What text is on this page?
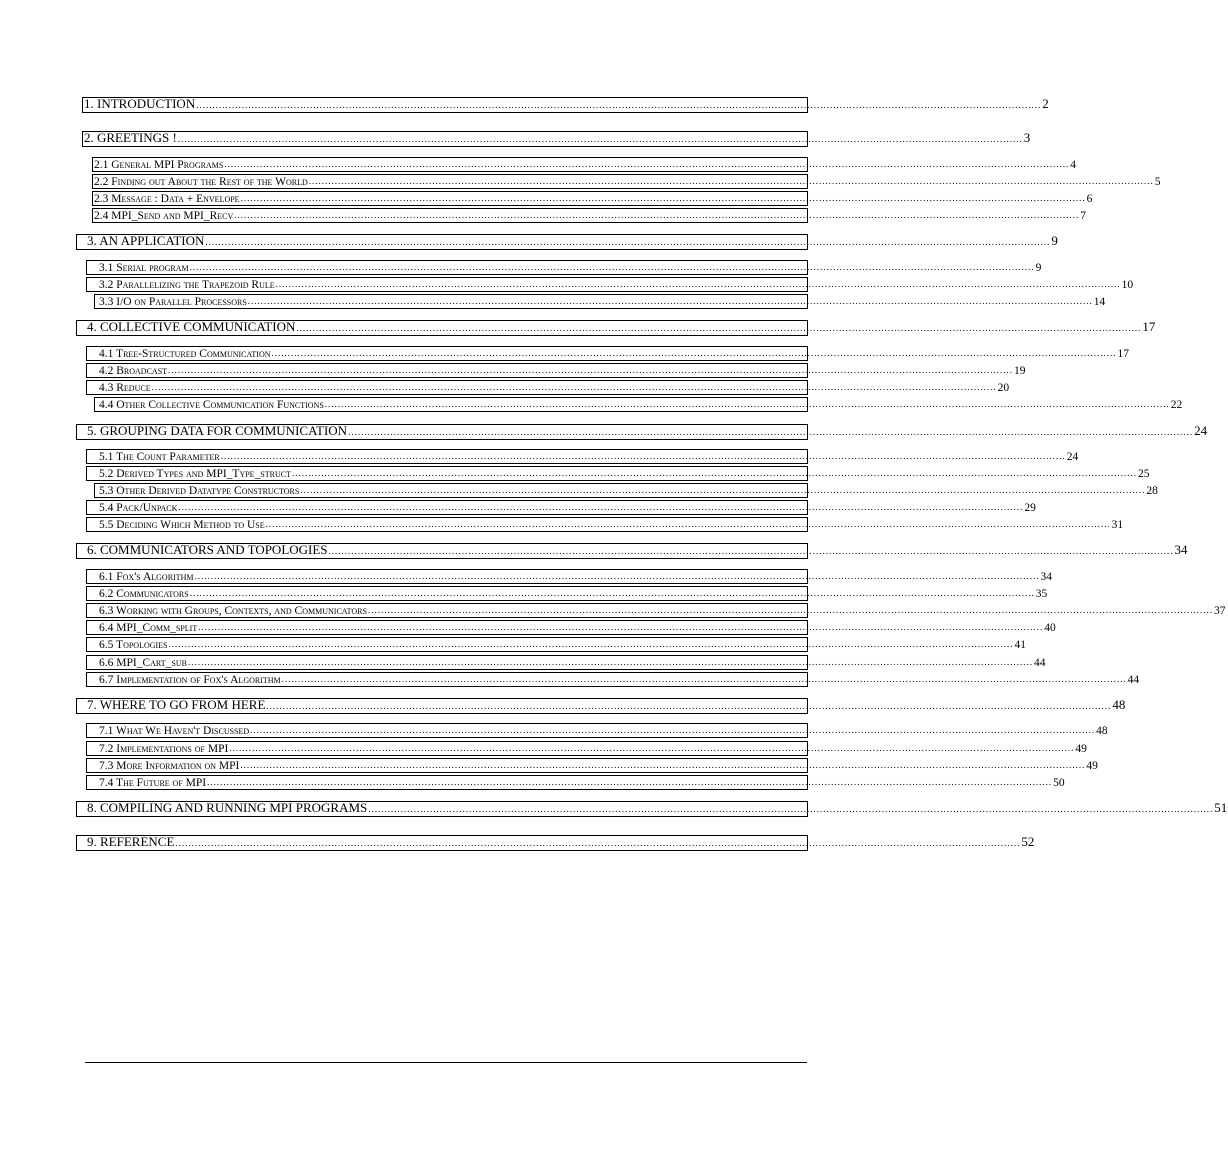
1. INTRODUCTION .................................................................................................................................................................................................................................................................... 2
2. GREETINGS ! .................................................................................................................................................................................................................................................................... 3
2.1 General MPI Programs .................................................................................................................................................................................................................................................................... 4
2.2 Finding out About the Rest of the World .................................................................................................................................................................................................................................................................... 5
2.3 Message : Data + Envelope .................................................................................................................................................................................................................................................................... 6
2.4 MPI_Send and MPI_Recv .................................................................................................................................................................................................................................................................... 7
3. AN APPLICATION .................................................................................................................................................................................................................................................................... 9
3.1 Serial program .................................................................................................................................................................................................................................................................... 9
3.2 Parallelizing the Trapezoid Rule .................................................................................................................................................................................................................................................................... 10
3.3 I/O on Parallel Processors .................................................................................................................................................................................................................................................................... 14
4. COLLECTIVE COMMUNICATION .................................................................................................................................................................................................................................................................... 17
4.1 Tree-Structured Communication .................................................................................................................................................................................................................................................................... 17
4.2 Broadcast .................................................................................................................................................................................................................................................................... 19
4.3 Reduce .................................................................................................................................................................................................................................................................... 20
4.4 Other Collective Communication Functions .................................................................................................................................................................................................................................................................... 22
5. GROUPING DATA FOR COMMUNICATION .................................................................................................................................................................................................................................................................... 24
5.1 The Count Parameter .................................................................................................................................................................................................................................................................... 24
5.2 Derived Types and MPI_Type_struct .................................................................................................................................................................................................................................................................... 25
5.3 Other Derived Datatype Constructors .................................................................................................................................................................................................................................................................... 28
5.4 Pack/Unpack .................................................................................................................................................................................................................................................................... 29
5.5 Deciding Which Method to Use .................................................................................................................................................................................................................................................................... 31
6. COMMUNICATORS AND TOPOLOGIES .................................................................................................................................................................................................................................................................... 34
6.1 Fox's Algorithm .................................................................................................................................................................................................................................................................... 34
6.2 Communicators .................................................................................................................................................................................................................................................................... 35
6.3 Working with Groups, Contexts, and Communicators .................................................................................................................................................................................................................................................................... 37
6.4 MPI_Comm_split .................................................................................................................................................................................................................................................................... 40
6.5 Topologies .................................................................................................................................................................................................................................................................... 41
6.6 MPI_Cart_sub .................................................................................................................................................................................................................................................................... 44
6.7 Implementation of Fox's Algorithm .................................................................................................................................................................................................................................................................... 44
7. WHERE TO GO FROM HERE .................................................................................................................................................................................................................................................................... 48
7.1 What We Haven't Discussed .................................................................................................................................................................................................................................................................... 48
7.2 Implementations of MPI .................................................................................................................................................................................................................................................................... 49
7.3 More Information on MPI .................................................................................................................................................................................................................................................................... 49
7.4 The Future of MPI .................................................................................................................................................................................................................................................................... 50
8. COMPILING AND RUNNING MPI PROGRAMS .................................................................................................................................................................................................................................................................... 51
9. REFERENCE .................................................................................................................................................................................................................................................................... 52
